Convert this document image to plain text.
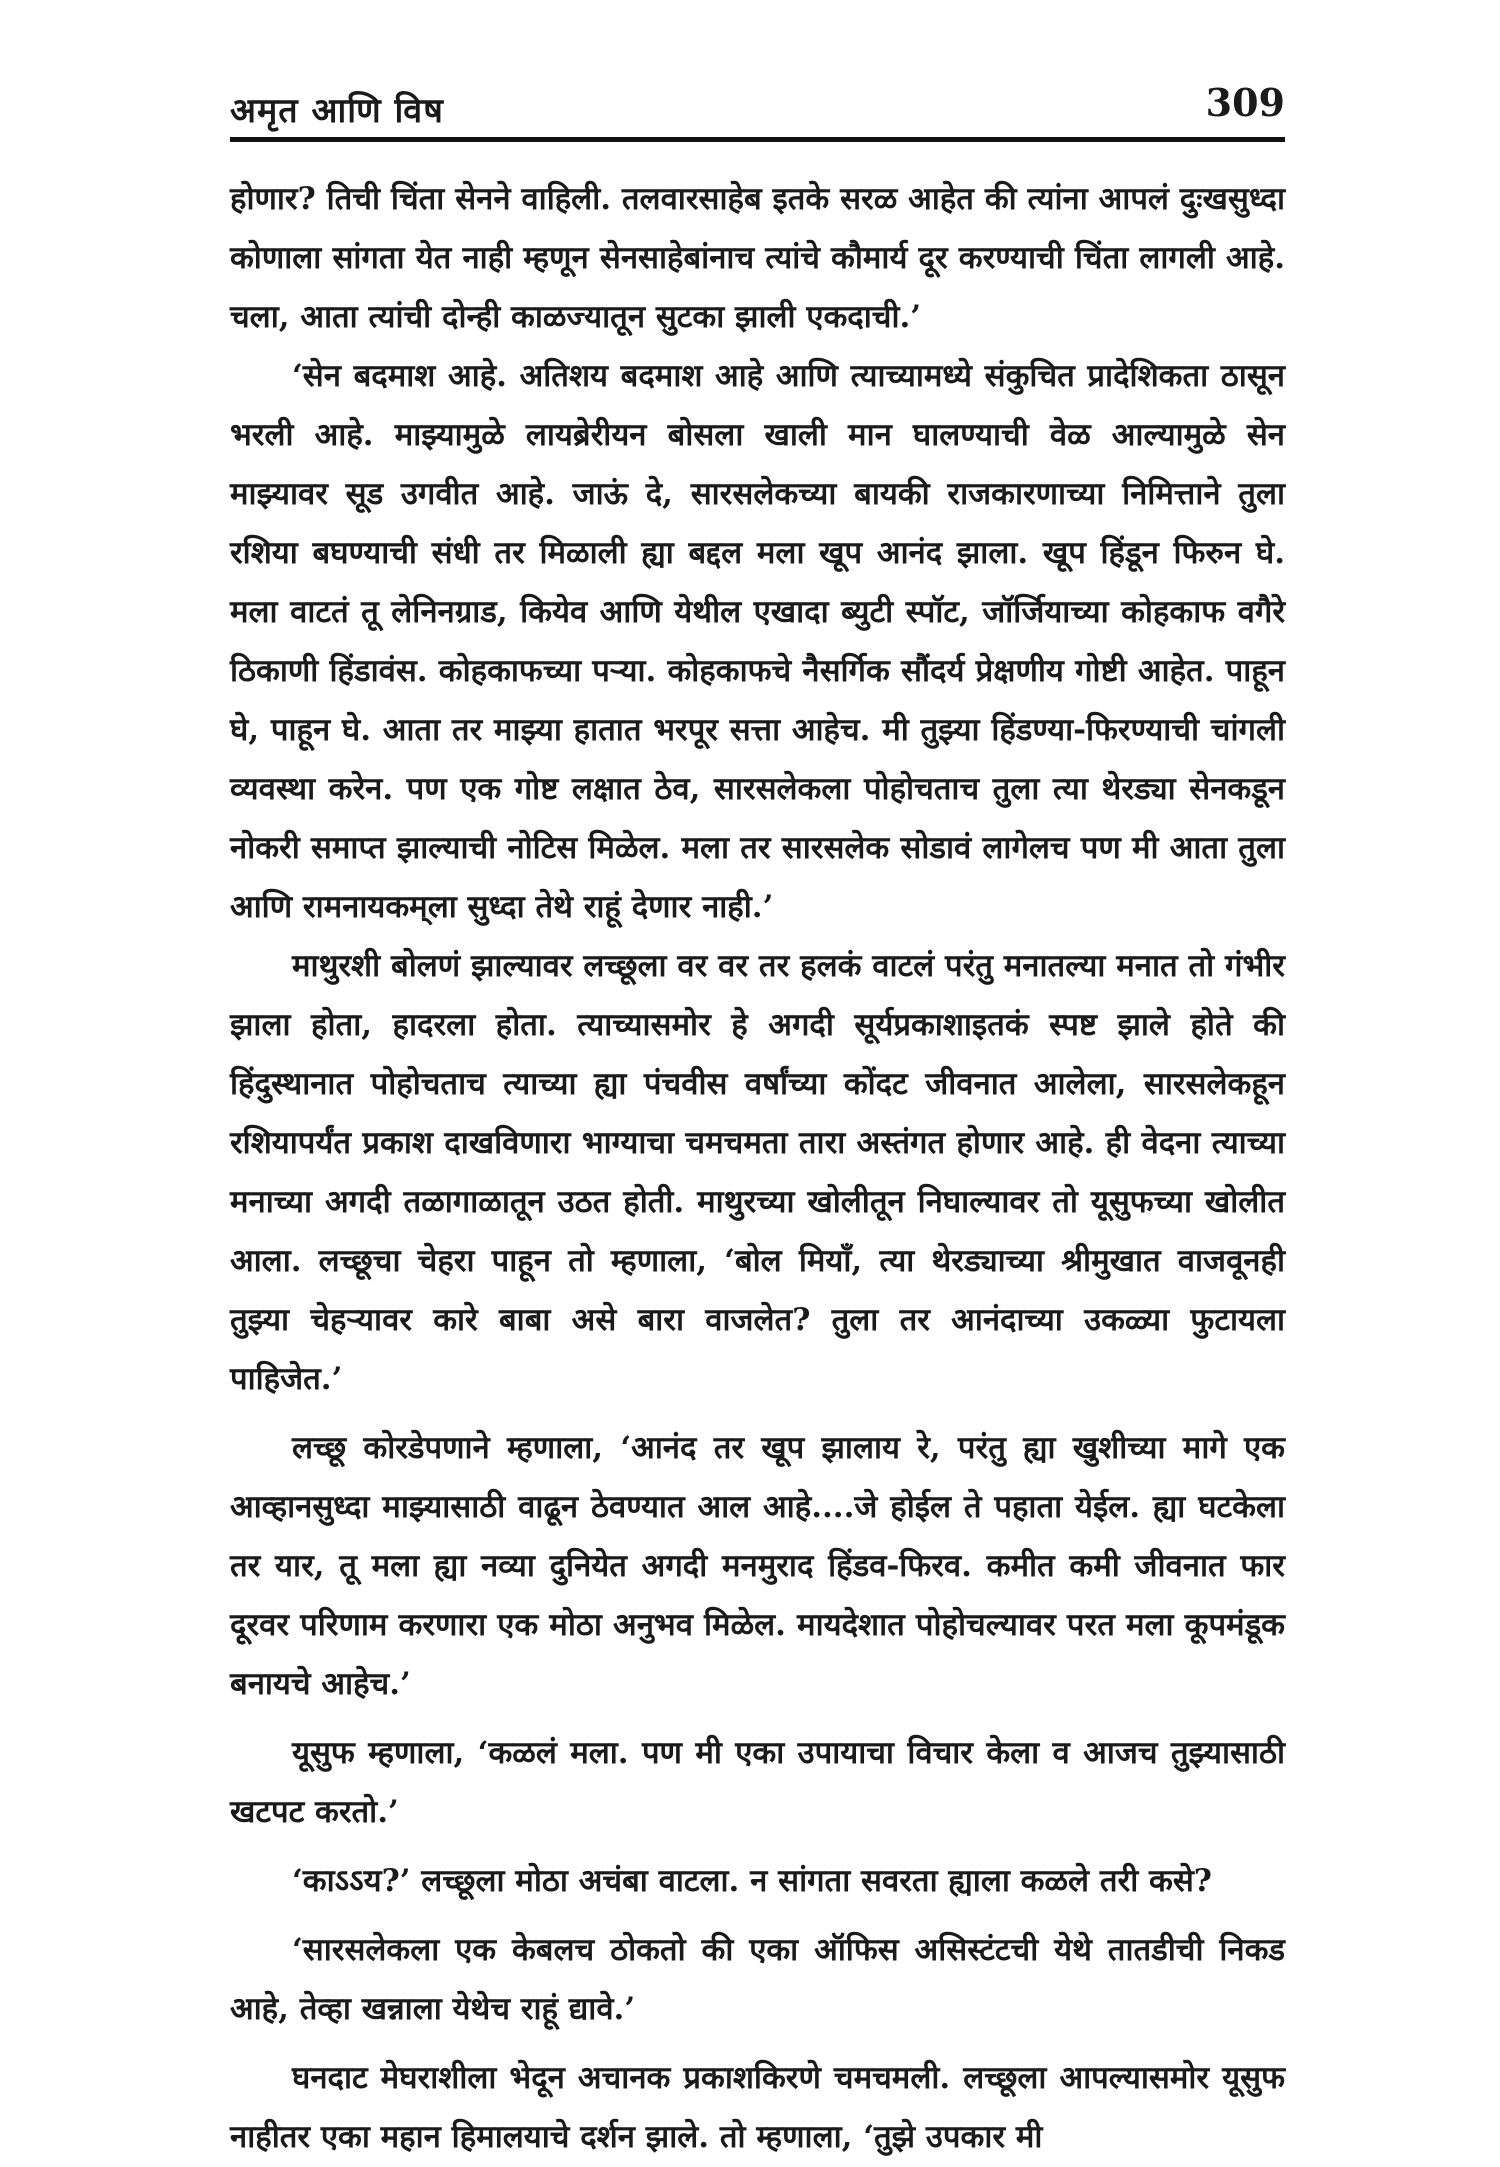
अमृत आणि विष	309

होणार? तिची चिंता सेनने वाहिली. तलवारसाहेब इतके सरळ आहेत की त्यांना आपलं दुःखसुध्दा कोणाला सांगता येत नाही म्हणून सेनसाहेबांनाच त्यांचे कौमार्य दूर करण्याची चिंता लागली आहे. चला, आता त्यांची दोन्ही काळज्यातून सुटका झाली एकदाची.’

‘सेन बदमाश आहे. अतिशय बदमाश आहे आणि त्याच्यामध्ये संकुचित प्रादेशिकता ठासून भरली आहे. माझ्यामुळे लायब्रेरीयन बोसला खाली मान घालण्याची वेळ आल्यामुळे सेन माझ्यावर सूड उगवीत आहे. जाऊं दे, सारसलेकच्या बायकी राजकारणाच्या निमित्ताने तुला रशिया बघण्याची संधी तर मिळाली ह्या बद्दल मला खूप आनंद झाला. खूप हिंडून फिरुन घे. मला वाटतं तू लेनिनग्राड, कियेव आणि येथील एखादा ब्युटी स्पॉट, जॉर्जियाच्या कोहकाफ वगैरे ठिकाणी हिंडावंस. कोहकाफच्या पऱ्या. कोहकाफचे नैसर्गिक सौंदर्य प्रेक्षणीय गोष्टी आहेत. पाहून घे, पाहून घे. आता तर माझ्या हातात भरपूर सत्ता आहेच. मी तुझ्या हिंडण्या-फिरण्याची चांगली व्यवस्था करेन. पण एक गोष्ट लक्षात ठेव, सारसलेकला पोहोचताच तुला त्या थेरड्या सेनकडून नोकरी समाप्त झाल्याची नोटिस मिळेल. मला तर सारसलेक सोडावं लागेलच पण मी आता तुला आणि रामनायकम्‌ला सुध्दा तेथे राहूं देणार नाही.’

माथुरशी बोलणं झाल्यावर लच्छूला वर वर तर हलकं वाटलं परंतु मनातल्या मनात तो गंभीर झाला होता, हादरला होता. त्याच्यासमोर हे अगदी सूर्यप्रकाशाइतकं स्पष्ट झाले होते की हिंदुस्थानात पोहोचताच त्याच्या ह्या पंचवीस वर्षांच्या कोंदट जीवनात आलेला, सारसलेकहून रशियापर्यंत प्रकाश दाखविणारा भाग्याचा चमचमता तारा अस्तंगत होणार आहे. ही वेदना त्याच्या मनाच्या अगदी तळागाळातून उठत होती. माथुरच्या खोलीतून निघाल्यावर तो यूसुफच्या खोलीत आला. लच्छूचा चेहरा पाहून तो म्हणाला, ‘बोल मियाँ, त्या थेरड्याच्या श्रीमुखात वाजवूनही तुझ्या चेहऱ्यावर कारे बाबा असे बारा वाजलेत? तुला तर आनंदाच्या उकळ्या फुटायला पाहिजेत.’

लच्छू कोरडेपणाने म्हणाला, ‘आनंद तर खूप झालाय रे, परंतु ह्या खुशीच्या मागे एक आव्हानसुध्दा माझ्यासाठी वाढून ठेवण्यात आल आहे....जे होईल ते पहाता येईल. ह्या घटकेला तर यार, तू मला ह्या नव्या दुनियेत अगदी मनमुराद हिंडव-फिरव. कमीत कमी जीवनात फार दूरवर परिणाम करणारा एक मोठा अनुभव मिळेल. मायदेशात पोहोचल्यावर परत मला कूपमंडूक बनायचे आहेच.’

यूसुफ म्हणाला, ‘कळलं मला. पण मी एका उपायाचा विचार केला व आजच तुझ्यासाठी खटपट करतो.’

‘काऽऽय?’ लच्छूला मोठा अचंबा वाटला. न सांगता सवरता ह्याला कळले तरी कसे?

‘सारसलेकला एक केबलच ठोकतो की एका ऑफिस असिस्टंटची येथे तातडीची निकड आहे, तेव्हा खन्नाला येथेच राहूं द्यावे.’

घनदाट मेघराशीला भेदून अचानक प्रकाशकिरणे चमचमली. लच्छूला आपल्यासमोर यूसुफ नाहीतर एका महान हिमालयाचे दर्शन झाले. तो म्हणाला, ‘तुझे उपकार मी
